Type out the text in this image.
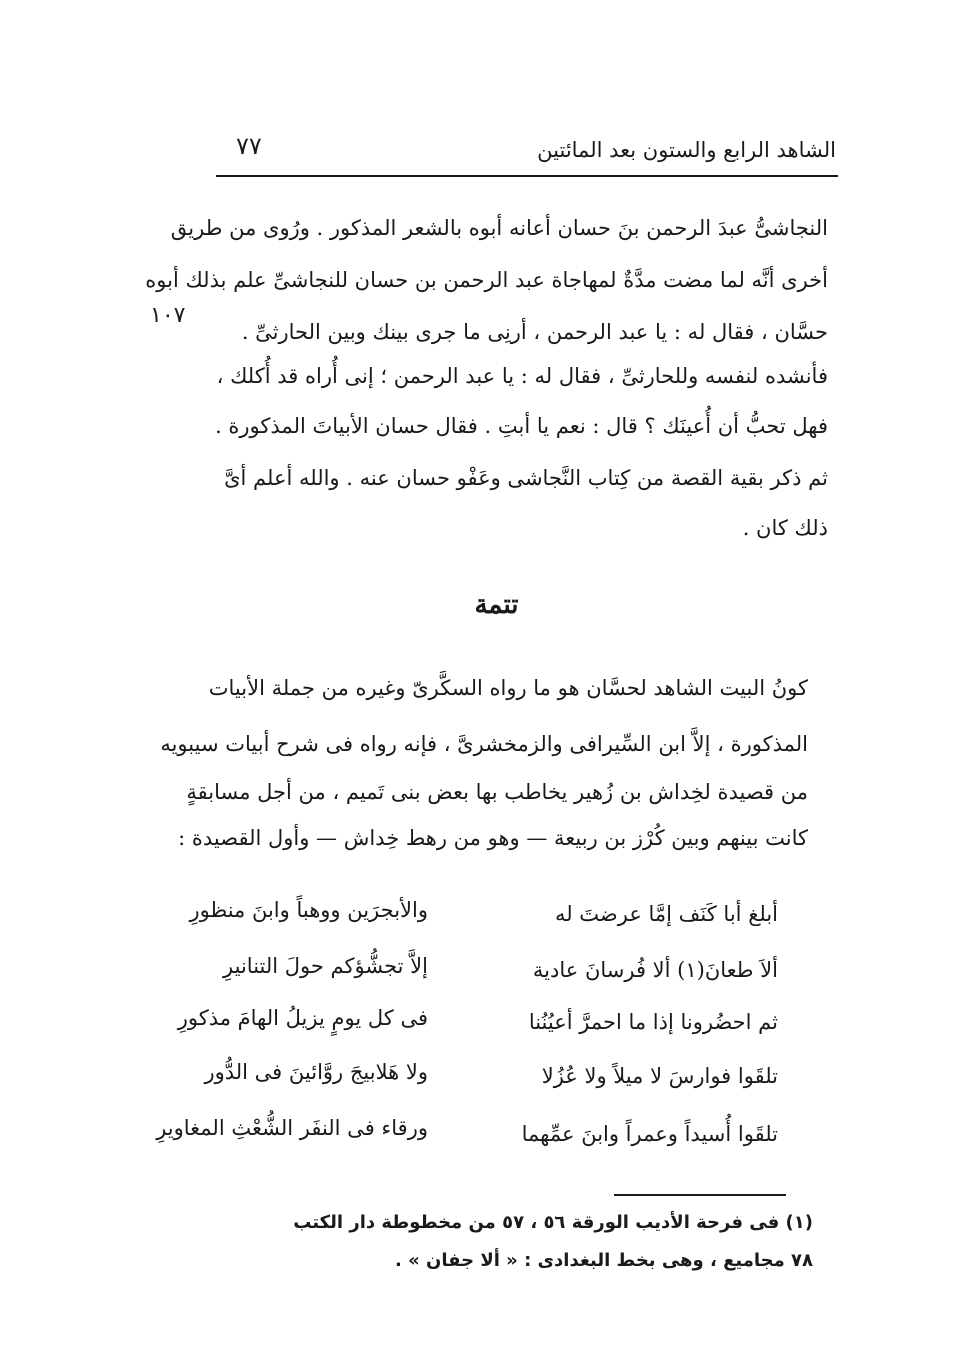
الشاهد الرابع والستون بعد المائتين
٧٧
١٠٧
النجاشىُّ عبدَ الرحمن بنَ حسان أعانه أبوه بالشعر المذكور . ورُوى من طريق
أخرى أنَّه لما مضت مدَّةٌ لمهاجاة عبد الرحمن بن حسان للنجاشىِّ علم بذلك أبوه
حسَّان ، فقال له : يا عبد الرحمن ، أرنِى ما جرى بينك وبين الحارثىِّ .
فأنشده لنفسه وللحارثىِّ ، فقال له : يا عبد الرحمن ؛ إنى أُراه قد أُكلك ،
فهل تحبُّ أن أُعينَك ؟ قال : نعم يا أبتِ . فقال حسان الأبياتَ المذكورة .
ثم ذكر بقية القصة من كِتاب النَّجاشى وعَفْو حسان عنه . والله أعلم أىَّ
ذلك كان .
تتمة
كونُ البيت الشاهد لحسَّان هو ما رواه السكَّرىّ وغيره من جملة الأبيات
المذكورة ، إلاَّ ابن السِّيرافى والزمخشرىَّ ، فإنه رواه فى شرح أبيات سيبويه
من قصيدة لخِداش بن زُهير يخاطب بها بعض بنى تَميم ، من أجل مسابقةٍ
كانت بينهم وبين كُرْز بن ربيعة — وهو من رهط خِداش — وأول القصيدة :
أبلغ أبا كَنَف إمَّا عرضتَ له
والأبجرَين ووهباً وابنَ منظورِ
ألاَ طعانَ(١) ألا فُرسانَ عادية
إلاَّ تجشُّؤكم حولَ التنانيرِ
ثم احضُرونا إذا ما احمرَّ أعيُنُنا
فى كل يومٍ يزيلُ الهامَ مذكورِ
تلقَوا فوارسَ لا ميلاً ولا عُزُلا
ولا هَلابيجَ روَّائينَ فى الدُّور
تلقَوا أُسيداً وعمراً وابنَ عمِّهما
ورقاء فى النفَر الشُّعْثِ المغاويرِ
(١) فى فرحة الأديب الورقة ٥٦ ، ٥٧ من مخطوطة دار الكتب
٧٨ مجاميع ، وهى بخط البغدادى : « ألا جفان » .
